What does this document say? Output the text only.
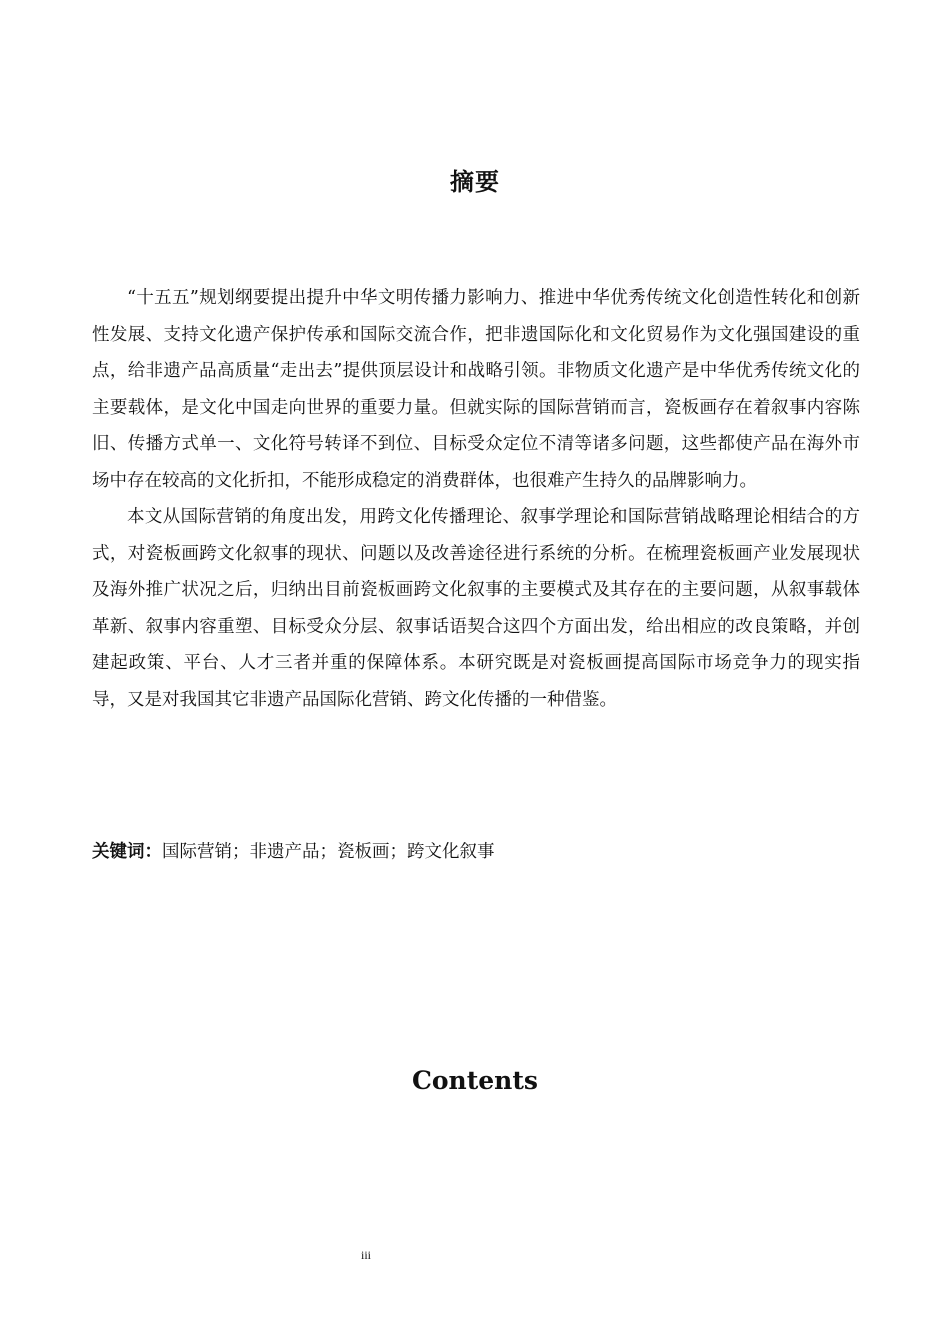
摘要

“十五五”规划纲要提出提升中华文明传播力影响力、推进中华优秀传统文化创造性转化和创新性发展、支持文化遗产保护传承和国际交流合作，把非遗国际化和文化贸易作为文化强国建设的重点，给非遗产品高质量“走出去”提供顶层设计和战略引领。非物质文化遗产是中华优秀传统文化的主要载体，是文化中国走向世界的重要力量。但就实际的国际营销而言，瓷板画存在着叙事内容陈旧、传播方式单一、文化符号转译不到位、目标受众定位不清等诸多问题，这些都使产品在海外市场中存在较高的文化折扣，不能形成稳定的消费群体，也很难产生持久的品牌影响力。

本文从国际营销的角度出发，用跨文化传播理论、叙事学理论和国际营销战略理论相结合的方式，对瓷板画跨文化叙事的现状、问题以及改善途径进行系统的分析。在梳理瓷板画产业发展现状及海外推广状况之后，归纳出目前瓷板画跨文化叙事的主要模式及其存在的主要问题，从叙事载体革新、叙事内容重塑、目标受众分层、叙事话语契合这四个方面出发，给出相应的改良策略，并创建起政策、平台、人才三者并重的保障体系。本研究既是对瓷板画提高国际市场竞争力的现实指导，又是对我国其它非遗产品国际化营销、跨文化传播的一种借鉴。

关键词：国际营销；非遗产品；瓷板画；跨文化叙事
Contents
iii
